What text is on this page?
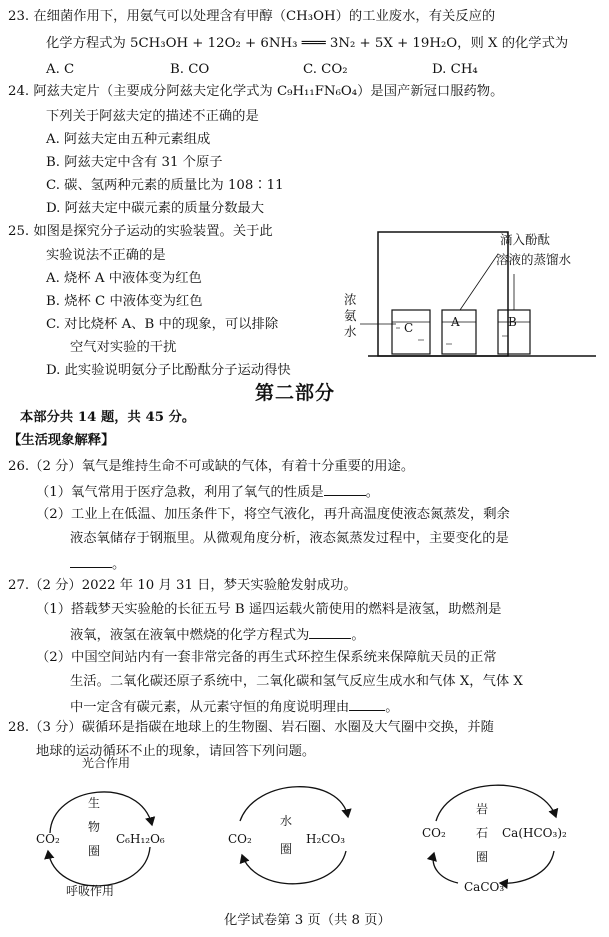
23. 在细菌作用下，用氨气可以处理含有甲醇（CH₃OH）的工业废水，有关反应的
化学方程式为 5CH₃OH + 12O₂ + 6NH₃ ═══ 3N₂ + 5X + 19H₂O，则 X 的化学式为
A. C	B. CO	C. CO₂	D. CH₄
24. 阿兹夫定片（主要成分阿兹夫定化学式为 C₉H₁₁FN₆O₄）是国产新冠口服药物。
下列关于阿兹夫定的描述不正确的是
A. 阿兹夫定由五种元素组成
B. 阿兹夫定中含有 31 个原子
C. 碳、氢两种元素的质量比为 108∶11
D. 阿兹夫定中碳元素的质量分数最大
25. 如图是探究分子运动的实验装置。关于此
实验说法不正确的是
A. 烧杯 A 中液体变为红色
B. 烧杯 C 中液体变为红色
C. 对比烧杯 A、B 中的现象，可以排除
空气对实验的干扰
D. 此实验说明氨分子比酚酞分子运动得快
C	A	B
滴入酚酞
溶液的蒸馏水
浓
氨
水
第二部分
本部分共 14 题，共 45 分。
【生活现象解释】
26.（2 分）氧气是维持生命不可或缺的气体，有着十分重要的用途。
（1）氧气常用于医疗急救，利用了氧气的性质是	。
（2）工业上在低温、加压条件下，将空气液化，再升高温度使液态氮蒸发，剩余
液态氧储存于钢瓶里。从微观角度分析，液态氮蒸发过程中，主要变化的是
。
27.（2 分）2022 年 10 月 31 日，梦天实验舱发射成功。
（1）搭载梦天实验舱的长征五号 B 遥四运载火箭使用的燃料是液氢，助燃剂是
液氧，液氢在液氧中燃烧的化学方程式为	。
（2）中国空间站内有一套非常完备的再生式环控生保系统来保障航天员的正常
生活。二氧化碳还原子系统中，二氧化碳和氢气反应生成水和气体 X，气体 X
中一定含有碳元素，从元素守恒的角度说明理由	。
28.（3 分）碳循环是指碳在地球上的生物圈、岩石圈、水圈及大气圈中交换，并随
地球的运动循环不止的现象，请回答下列问题。
光合作用
CO₂	C₆H₁₂O₆
生
物
圈
呼吸作用
CO₂	H₂CO₃
水
圈
CO₂	Ca(HCO₃)₂
CaCO₃
岩
石
圈
化学试卷第 3 页（共 8 页）
